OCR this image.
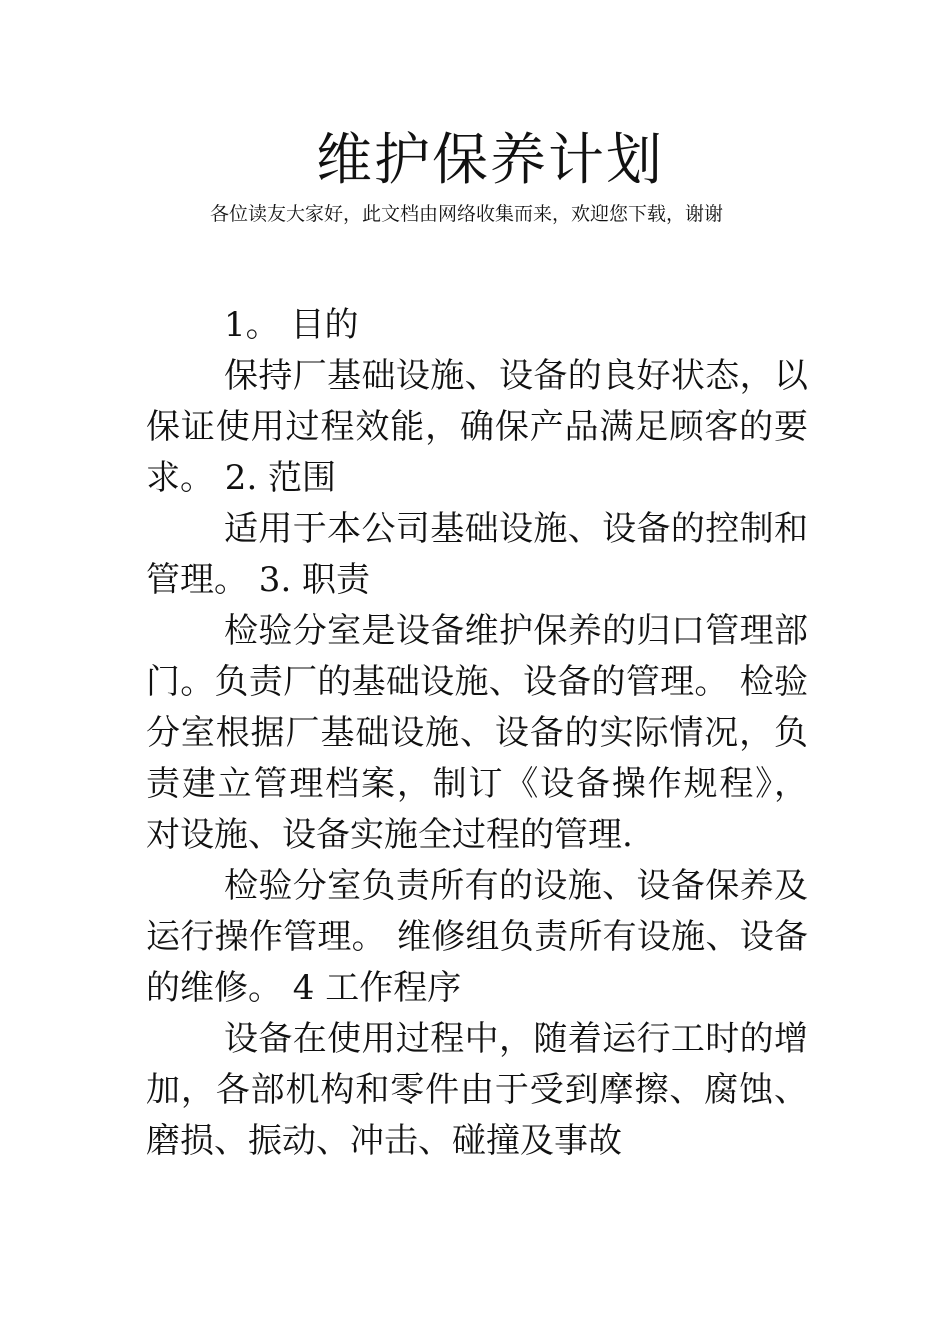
维护保养计划
各位读友大家好，此文档由网络收集而来，欢迎您下载，谢谢

1。 目的

保持厂基础设施、设备的良好状态，以保证使用过程效能，确保产品满足顾客的要求。 2. 范围

适用于本公司基础设施、设备的控制和管理。 3. 职责

检验分室是设备维护保养的归口管理部门。负责厂的基础设施、设备的管理。 检验分室根据厂基础设施、设备的实际情况，负责建立管理档案，制订《设备操作规程》，对设施、设备实施全过程的管理.

检验分室负责所有的设施、设备保养及运行操作管理。 维修组负责所有设施、设备的维修。 4 工作程序

设备在使用过程中，随着运行工时的增加，各部机构和零件由于受到摩擦、腐蚀、磨损、振动、冲击、碰撞及事故
